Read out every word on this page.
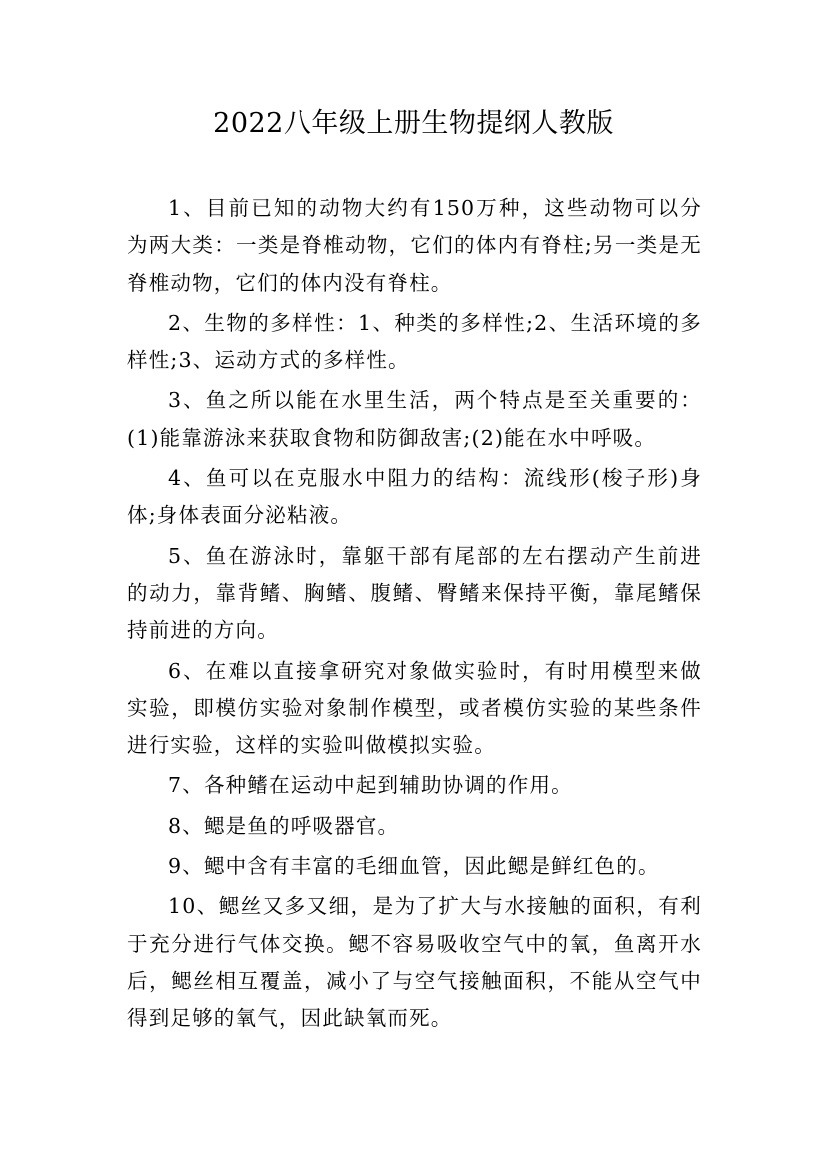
2022八年级上册生物提纲人教版

1、目前已知的动物大约有150万种，这些动物可以分为两大类：一类是脊椎动物，它们的体内有脊柱;另一类是无脊椎动物，它们的体内没有脊柱。

2、生物的多样性：1、种类的多样性;2、生活环境的多样性;3、运动方式的多样性。

3、鱼之所以能在水里生活，两个特点是至关重要的：(1)能靠游泳来获取食物和防御敌害;(2)能在水中呼吸。

4、鱼可以在克服水中阻力的结构：流线形(梭子形)身体;身体表面分泌粘液。

5、鱼在游泳时，靠躯干部有尾部的左右摆动产生前进的动力，靠背鳍、胸鳍、腹鳍、臀鳍来保持平衡，靠尾鳍保持前进的方向。

6、在难以直接拿研究对象做实验时，有时用模型来做实验，即模仿实验对象制作模型，或者模仿实验的某些条件进行实验，这样的实验叫做模拟实验。

7、各种鳍在运动中起到辅助协调的作用。

8、鳃是鱼的呼吸器官。

9、鳃中含有丰富的毛细血管，因此鳃是鲜红色的。

10、鳃丝又多又细，是为了扩大与水接触的面积，有利于充分进行气体交换。鳃不容易吸收空气中的氧，鱼离开水后，鳃丝相互覆盖，减小了与空气接触面积，不能从空气中得到足够的氧气，因此缺氧而死。
